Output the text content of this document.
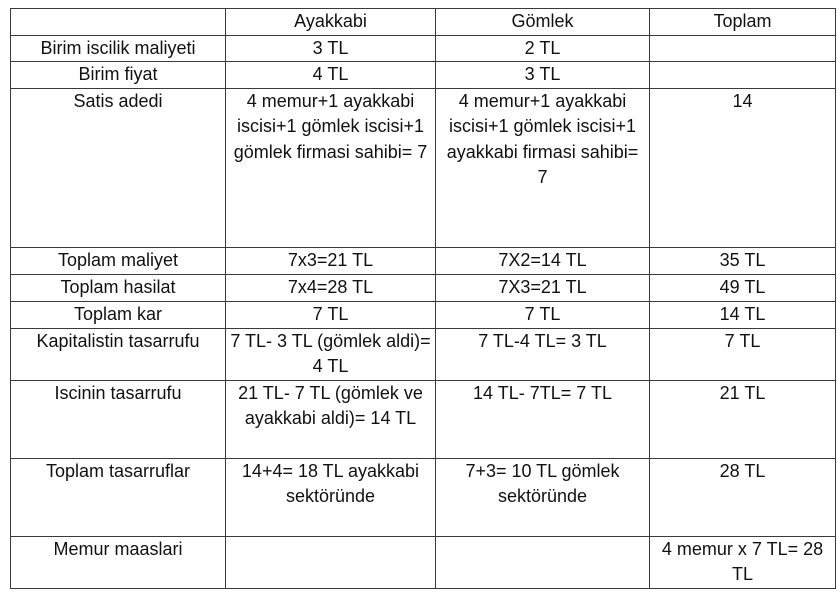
	Ayakkabi	Gömlek	Toplam
Birim iscilik maliyeti	3 TL	2 TL	
Birim fiyat	4 TL	3 TL	
Satis adedi	4 memur+1 ayakkabi iscisi+1 gömlek iscisi+1 gömlek firmasi sahibi= 7	4 memur+1 ayakkabi iscisi+1 gömlek iscisi+1 ayakkabi firmasi sahibi= 7	14
Toplam maliyet	7x3=21 TL	7X2=14 TL	35 TL
Toplam hasilat	7x4=28 TL	7X3=21 TL	49 TL
Toplam kar	7 TL	7 TL	14 TL
Kapitalistin tasarrufu	7 TL- 3 TL (gömlek aldi)= 4 TL	7 TL-4 TL= 3 TL	7 TL
Iscinin tasarrufu	21 TL- 7 TL (gömlek ve ayakkabi aldi)= 14 TL	14 TL- 7TL= 7 TL	21 TL
Toplam tasarruflar	14+4= 18 TL ayakkabi sektöründe	7+3= 10 TL gömlek sektöründe	28 TL
Memur maaslari			4 memur x 7 TL= 28 TL
